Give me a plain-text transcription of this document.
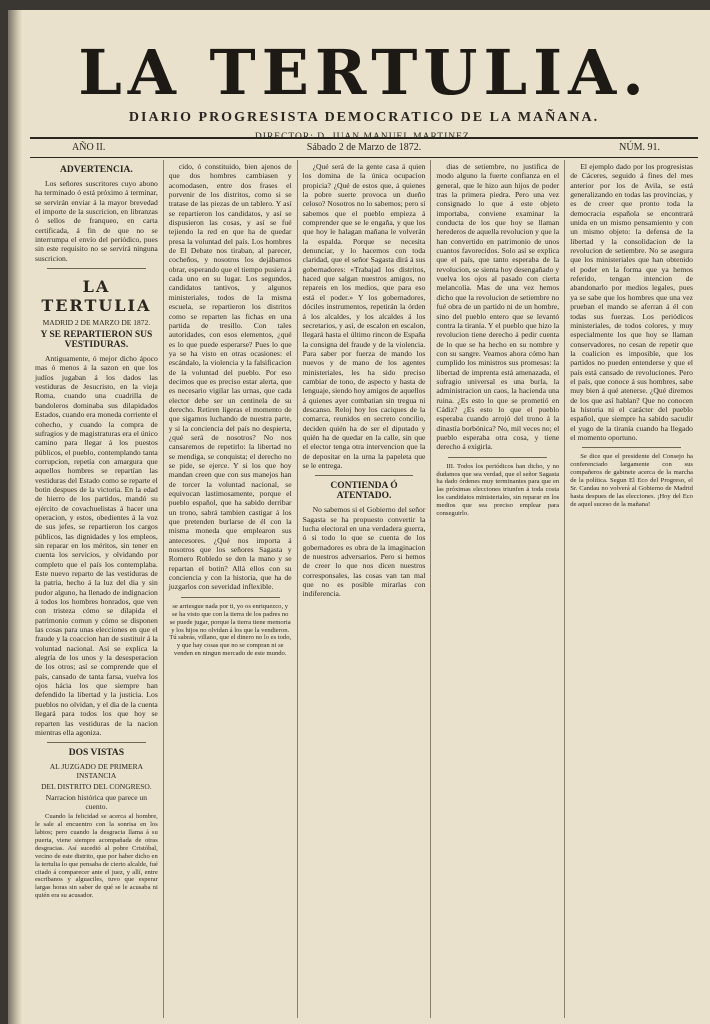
LA TERTULIA.
DIARIO PROGRESISTA DEMOCRATICO DE LA MAÑANA.
DIRECTOR: D. JUAN MANUEL MARTINEZ.
AÑO II.	Sábado 2 de Marzo de 1872.	NÚM. 91.
ADVERTENCIA.

Los señores suscritores cuyo abono ha terminado ó está próximo á terminar, se servirán enviar á la mayor brevedad el importe de la suscricion, en libranzas ó sellos de franqueo, en carta certificada, á fin de que no se interrumpa el envío del periódico, pues sin este requisito no se servirá ninguna suscricion.

LA TERTULIA
MADRID 2 DE MARZO DE 1872.
Y SE REPARTIERON SUS VESTIDURAS.

Antiguamente, ó mejor dicho ápoco mas ó menos á la sazon en que los judíos jugaban á los dados las vestiduras de Jesucristo, en la vieja Roma, cuando una cuadrilla de bandoleros dominaba sus dilapidados Estados, cuando era moneda corriente el cohecho, y cuando la compra de sufragios y de magistraturas era el único camino para llegar á los puestos públicos, el pueblo, contemplando tanta corrupcion, repetía con amargura que aquellos hombres se repartían las vestiduras del Estado como se reparte el botin despues de la victoria. En la edad de hierro de los partidos, mandó su ejército de covachuelistas á hacer una operacion, y estos, obedientes á la voz de sus jefes, se repartieron los cargos públicos, las dignidades y los empleos, sin reparar en los méritos, sin tener en cuenta los servicios, y olvidando por completo que el país los contemplaba. Este nuevo reparto de las vestiduras de la patria, hecho á la luz del dia y sin pudor alguno, ha llenado de indignacion á todos los hombres honrados, que ven con tristeza cómo se dilapida el patrimonio comun y cómo se disponen las cosas para unas elecciones en que el fraude y la coaccion han de sustituir á la voluntad nacional. Así se explica la alegría de los unos y la desesperacion de los otros; así se comprende que el país, cansado de tanta farsa, vuelva los ojos hácia los que siempre han defendido la libertad y la justicia. Los pueblos no olvidan, y el dia de la cuenta llegará para todos los que hoy se reparten las vestiduras de la nacion mientras ella agoniza.

DOS VISTAS
AL JUZGADO DE PRIMERA INSTANCIA
DEL DISTRITO DEL CONGRESO.
Narracion histórica que parece un cuento.

Cuando la felicidad se acerca al hombre, le sale al encuentro con la sonrisa en los labios; pero cuando la desgracia llama á su puerta, viene siempre acompañada de otras desgracias. Así sucedió al pobre Cristóbal, vecino de este distrito, que por haber dicho en la tertulia lo que pensaba de cierto alcalde, fué citado á comparecer ante el juez, y allí, entre escribanos y alguaciles, tuvo que esperar largas horas sin saber de qué se le acusaba ni quién era su acusador.

cido, ó constituido, bien ajenos de que dos hombres cambiasen y acomodasen, entre dos frases el porvenir de los distritos, como si se tratase de las piezas de un tablero. Y así se repartieron los candidatos, y así se dispusieron las cosas, y así se fué tejiendo la red en que ha de quedar presa la voluntad del país. Los hombres de El Debate nos tiraban, al parecer, cocheños, y nosotros los dejábamos obrar, esperando que el tiempo pusiera á cada uno en su lugar. Los segundos, candidatos tantivos, y algunos ministeriales, todos de la misma escuela, se repartieron los distritos como se reparten las fichas en una partida de tresillo. Con tales autoridades, con esos elementos, ¿qué es lo que puede esperarse? Pues lo que ya se ha visto en otras ocasiones: el escándalo, la violencia y la falsificacion de la voluntad del pueblo. Por eso decimos que es preciso estar alerta, que es necesario vigilar las urnas, que cada elector debe ser un centinela de su derecho. Retiren ligeras el momento de que sigamos luchando de nuestra parte, y si la conciencia del país no despierta, ¿qué será de nosotros? No nos cansaremos de repetirlo: la libertad no se mendiga, se conquista; el derecho no se pide, se ejerce. Y si los que hoy mandan creen que con sus manejos han de torcer la voluntad nacional, se equivocan lastimosamente, porque el pueblo español, que ha sabido derribar un trono, sabrá tambien castigar á los que pretenden burlarse de él con la misma moneda que emplearon sus antecesores. ¿Qué nos importa á nosotros que los señores Sagasta y Romero Robledo se den la mano y se repartan el botin? Allá ellos con su conciencia y con la historia, que ha de juzgarlos con severidad inflexible.

se arriesgue nada por ti, yo os enriquezco, y se ha visto que con la tierra de los padres no se puede jugar, porque la tierra tiene memoria y los hijos no olvidan á los que la vendieron. Tú sabrás, villano, que el dinero no lo es todo, y que hay cosas que no se compran ni se venden en ningun mercado de este mundo.

¿Qué será de la gente casa á quien los domina de la única ocupacion propicia? ¿Qué de estos que, á quienes la pobre suerte provoca un dueño celoso? Nosotros no lo sabemos; pero sí sabemos que el pueblo empieza á comprender que se le engaña, y que los que hoy le halagan mañana le volverán la espalda. Porque se necesita denunciar, y lo hacemos con toda claridad, que el señor Sagasta dirá á sus gobernadores: «Trabajad los distritos, haced que salgan nuestros amigos, no repareis en los medios, que para eso está el poder.» Y los gobernadores, dóciles instrumentos, repetirán la órden á los alcaldes, y los alcaldes á los secretarios, y así, de escalon en escalon, llegará hasta el último rincon de España la consigna del fraude y de la violencia. Para saber por fuerza de mando los nuevos y de mano de los agentes ministeriales, les ha sido preciso cambiar de tono, de aspecto y hasta de lenguaje, siendo hoy amigos de aquellos á quienes ayer combatian sin tregua ni descanso. Reloj hoy los caciques de la comarca, reunidos en secreto concilio, deciden quién ha de ser el diputado y quién ha de quedar en la calle, sin que el elector tenga otra intervencion que la de depositar en la urna la papeleta que se le entrega.

CONTIENDA Ó ATENTADO.

No sabemos si el Gobierno del señor Sagasta se ha propuesto convertir la lucha electoral en una verdadera guerra, ó si todo lo que se cuenta de los gobernadores es obra de la imaginacion de nuestros adversarios. Pero si hemos de creer lo que nos dicen nuestros corresponsales, las cosas van tan mal que no es posible mirarlas con indiferencia.

dias de setiembre, no justifica de modo alguno la fuerte confianza en el general, que le hizo aun hijos de poder tras la primera piedra. Pero una vez consignado lo que á este objeto importaba, conviene examinar la conducta de los que hoy se llaman herederos de aquella revolucion y que la han convertido en patrimonio de unos cuantos favorecidos. Solo así se explica que el país, que tanto esperaba de la revolucion, se sienta hoy desengañado y vuelva los ojos al pasado con cierta melancolía. Mas de una vez hemos dicho que la revolucion de setiembre no fué obra de un partido ni de un hombre, sino del pueblo entero que se levantó contra la tiranía. Y el pueblo que hizo la revolucion tiene derecho á pedir cuenta de lo que se ha hecho en su nombre y con su sangre. Veamos ahora cómo han cumplido los ministros sus promesas: la libertad de imprenta está amenazada, el sufragio universal es una burla, la administracion un caos, la hacienda una ruina. ¿Es esto lo que se prometió en Cádiz? ¿Es esto lo que el pueblo esperaba cuando arrojó del trono á la dinastía borbónica? No, mil veces no; el pueblo esperaba otra cosa, y tiene derecho á exigirla.

III. Todos los periódicos han dicho, y no dudamos que sea verdad, que el señor Sagasta ha dado órdenes muy terminantes para que en las próximas elecciones triunfen á toda costa los candidatos ministeriales, sin reparar en los medios que sea preciso emplear para conseguirlo.

El ejemplo dado por los progresistas de Cáceres, seguido á fines del mes anterior por los de Avila, se está generalizando en todas las provincias, y es de creer que pronto toda la democracia española se encontrará unida en un mismo pensamiento y con un mismo objeto: la defensa de la libertad y la consolidacion de la revolucion de setiembre. No se asegura que los ministeriales que han obtenido el poder en la forma que ya hemos referido, tengan intencion de abandonarlo por medios legales, pues ya se sabe que los hombres que una vez prueban el mando se aferran á él con todas sus fuerzas. Los periódicos ministeriales, de todos colores, y muy especialmente los que hoy se llaman conservadores, no cesan de repetir que la coalicion es imposible, que los partidos no pueden entenderse y que el país está cansado de revoluciones. Pero el país, que conoce á sus hombres, sabe muy bien á qué atenerse. ¿Qué diremos de los que así hablan? Que no conocen la historia ni el carácter del pueblo español, que siempre ha sabido sacudir el yugo de la tiranía cuando ha llegado el momento oportuno.

Se dice que el presidente del Consejo ha conferenciado largamente con sus compañeros de gabinete acerca de la marcha de la política. Segun El Eco del Progreso, el Sr. Candau no volverá al Gobierno de Madrid hasta despues de las elecciones. ¡Hoy del Eco de aquel suceso de la mañana!
